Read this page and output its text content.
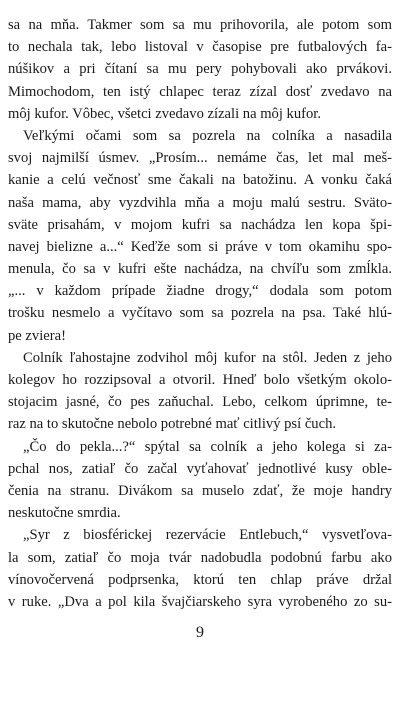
sa na mňa. Takmer som sa mu prihovorila, ale potom som
to nechala tak, lebo listoval v časopise pre futbalových fa-
núšikov a pri čítaní sa mu pery pohybovali ako prvákovi.
Mimochodom, ten istý chlapec teraz zízal dosť zvedavo na
môj kufor. Vôbec, všetci zvedavo zízali na môj kufor.
Veľkými očami som sa pozrela na colníka a nasadila
svoj najmilší úsmev. „Prosím... nemáme čas, let mal meš-
kanie a celú večnosť sme čakali na batožinu. A vonku čaká
naša mama, aby vyzdvihla mňa a moju malú sestru. Sväto-
sväte prisahám, v mojom kufri sa nachádza len kopa špi-
navej bielizne a...“ Keďže som si práve v tom okamihu spo-
menula, čo sa v kufri ešte nachádza, na chvíľu som zmĺkla.
„... v každom prípade žiadne drogy,“ dodala som potom
trošku nesmelo a vyčítavo som sa pozrela na psa. Také hlú-
pe zviera!
Colník ľahostajne zodvihol môj kufor na stôl. Jeden z jeho
kolegov ho rozzipsoval a otvoril. Hneď bolo všetkým okolo-
stojacim jasné, čo pes zaňuchal. Lebo, celkom úprimne, te-
raz na to skutočne nebolo potrebné mať citlivý psí čuch.
„Čo do pekla...?“ spýtal sa colník a jeho kolega si za-
pchal nos, zatiaľ čo začal vyťahovať jednotlivé kusy oble-
čenia na stranu. Divákom sa muselo zdať, že moje handry
neskutočne smrdia.
„Syr z biosférickej rezervácie Entlebuch,“ vysvetľova-
la som, zatiaľ čo moja tvár nadobudla podobnú farbu ako
vínovočervená podprsenka, ktorú ten chlap práve držal
v ruke. „Dva a pol kila švajčiarskeho syra vyrobeného zo su-
9
